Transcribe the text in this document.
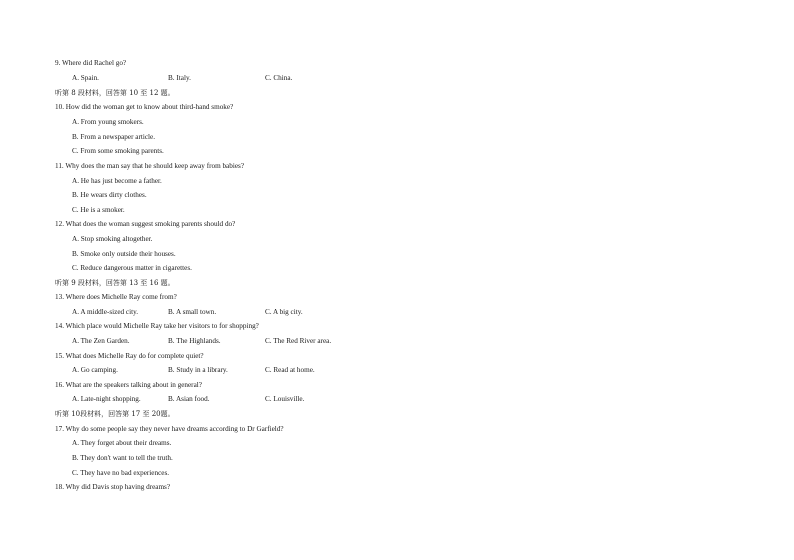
9. Where did Rachel go?
A. Spain.	B. Italy.	C. China.
听第 8 段材料，回答第 10 至 12 题。
10. How did the woman get to know about third-hand smoke?
A. From young smokers.
B. From a newspaper article.
C. From some smoking parents.
11. Why does the man say that he should keep away from babies?
A. He has just become a father.
B. He wears dirty clothes.
C. He is a smoker.
12. What does the woman suggest smoking parents should do?
A. Stop smoking altogether.
B. Smoke only outside their houses.
C. Reduce dangerous matter in cigarettes.
听第 9 段材料，回答第 13 至 16 题。
13. Where does Michelle Ray come from?
A. A middle-sized city.	B. A small town.	C. A big city.
14. Which place would Michelle Ray take her visitors to for shopping?
A. The Zen Garden.	B. The Highlands.	C. The Red River area.
15. What does Michelle Ray do for complete quiet?
A. Go camping.	B. Study in a library.	C. Read at home.
16. What are the speakers talking about in general?
A. Late-night shopping.	B. Asian food.	C. Louisville.
听第 10段材料，回答第 17 至 20题。
17. Why do some people say they never have dreams according to Dr Garfield?
A. They forget about their dreams.
B. They don't want to tell the truth.
C. They have no bad experiences.
18. Why did Davis stop having dreams?
